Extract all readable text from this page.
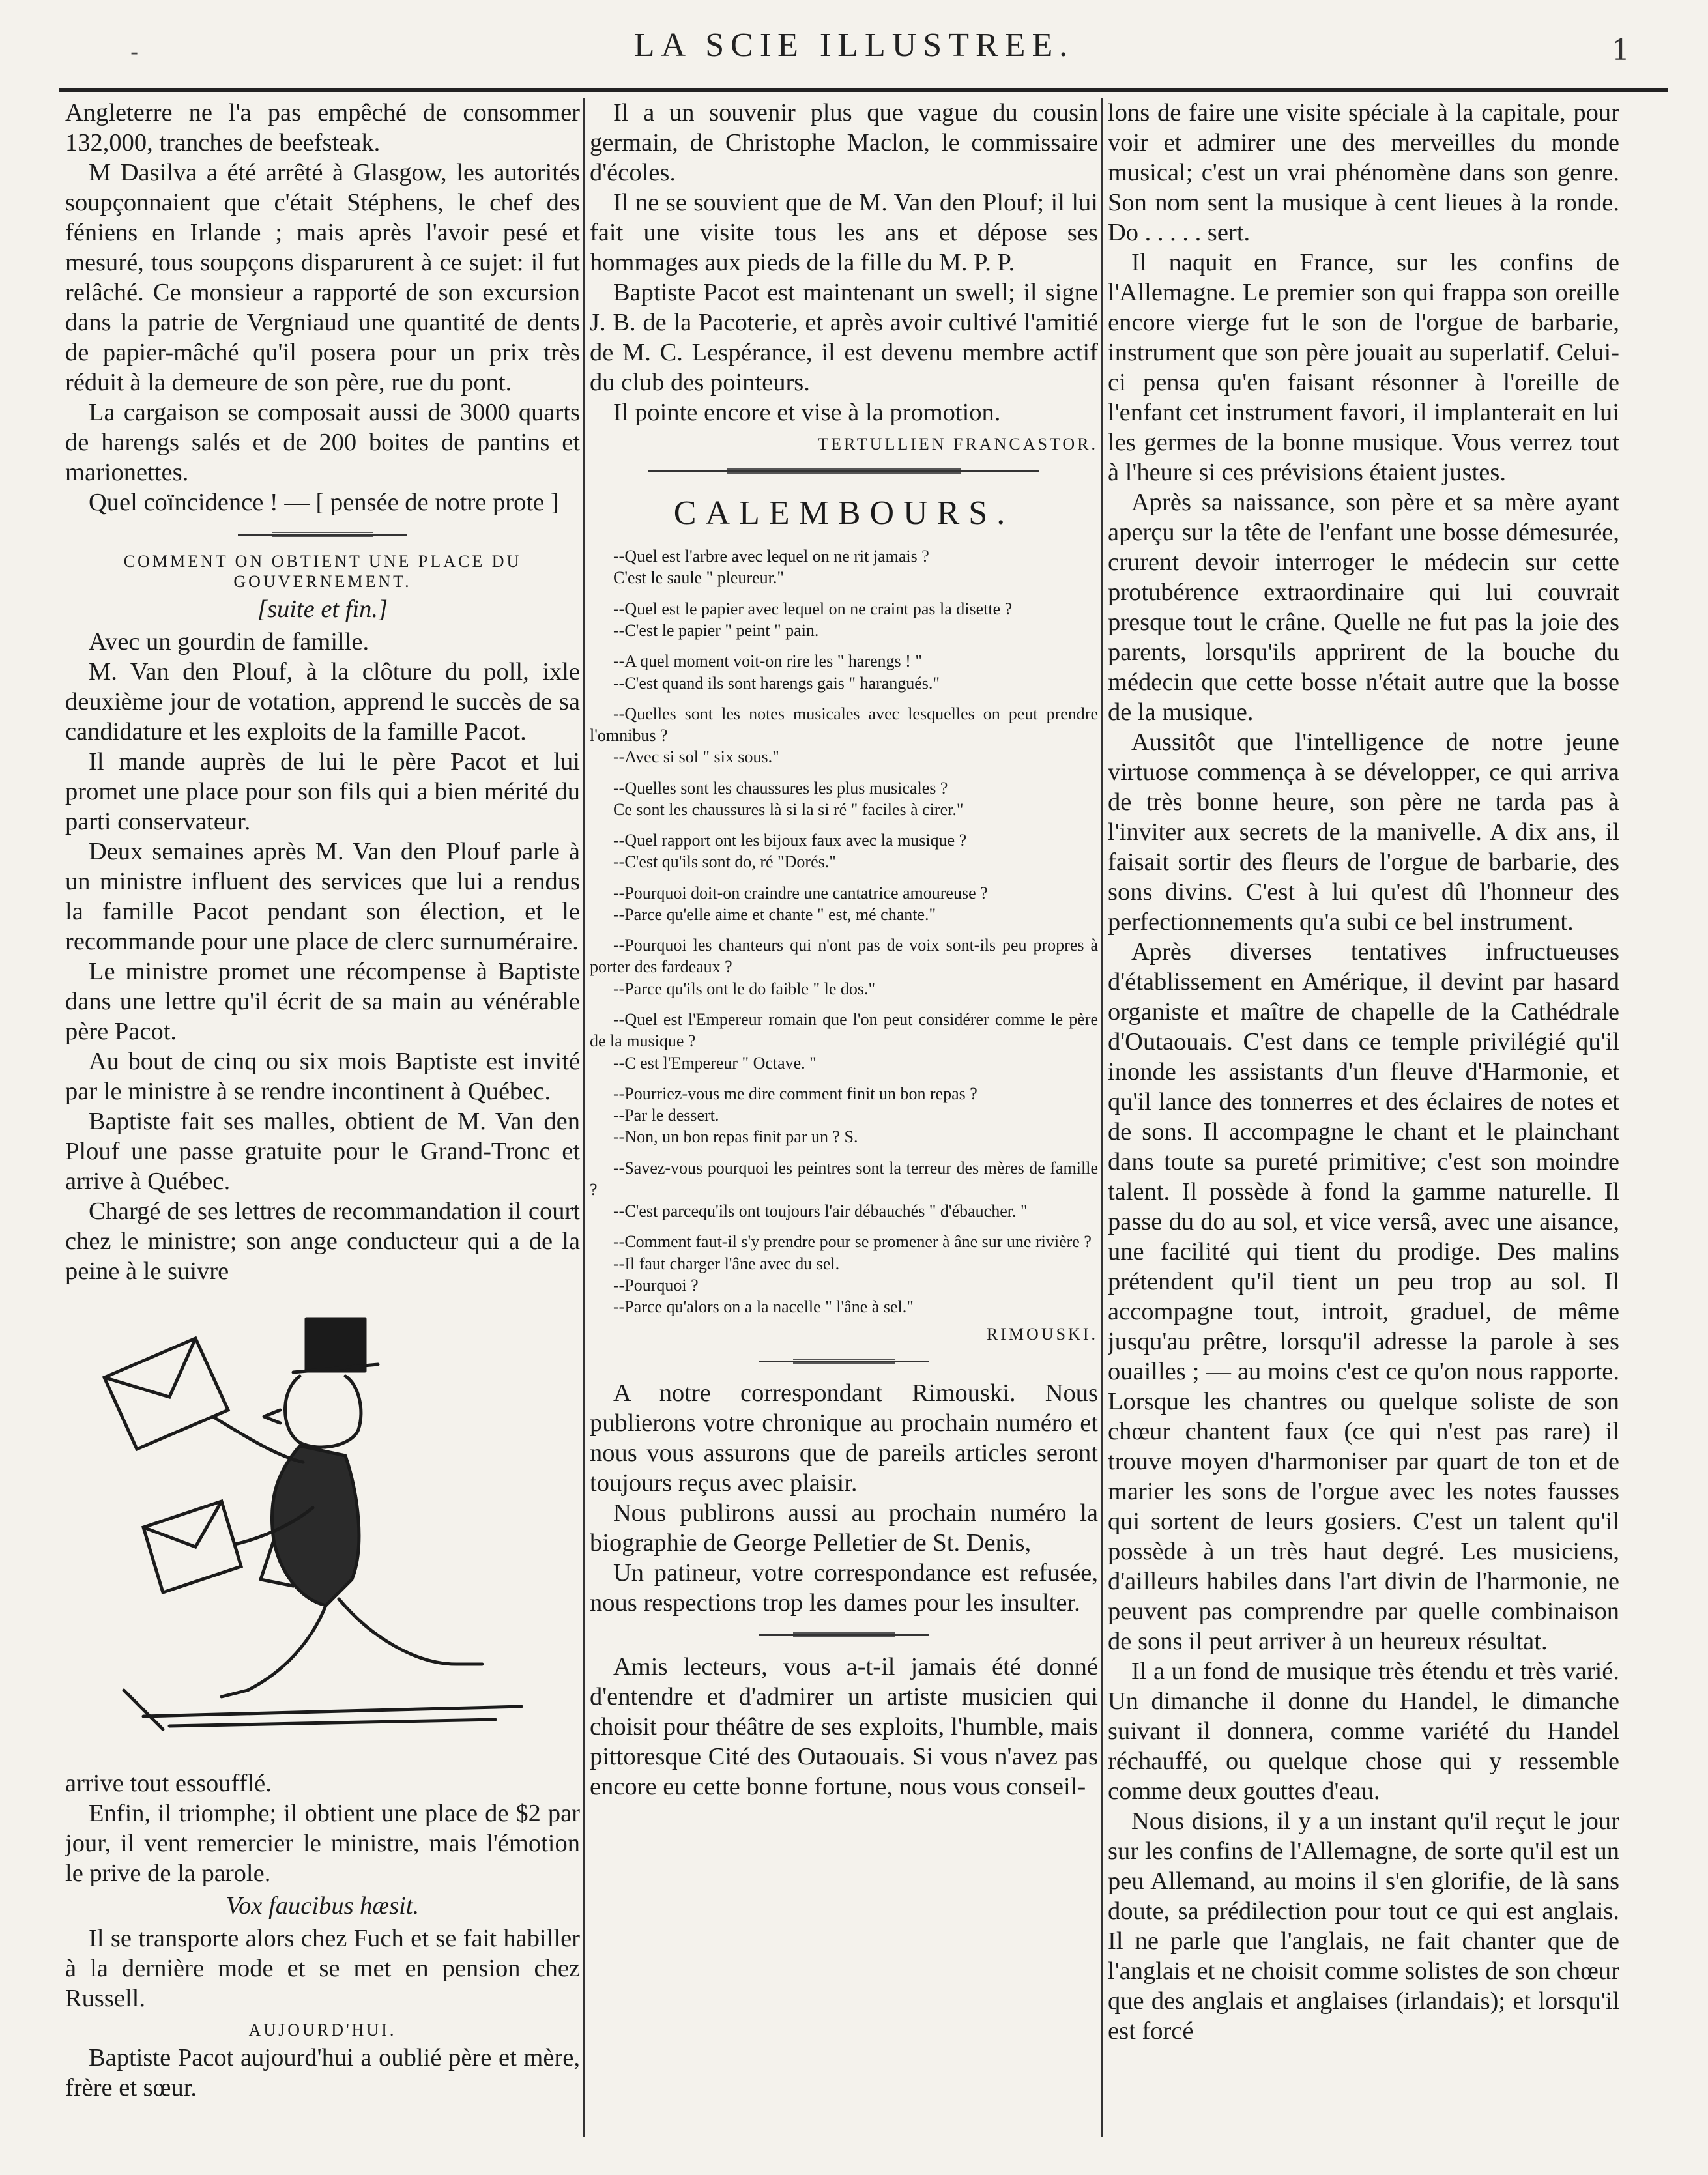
-	LA SCIE ILLUSTREE.	1

Angleterre ne l'a pas empêché de consommer 132,000, tranches de beefsteak.

M Dasilva a été arrêté à Glasgow, les autorités soupçonnaient que c'était Stéphens, le chef des féniens en Irlande ; mais après l'avoir pesé et mesuré, tous soupçons disparurent à ce sujet: il fut relâché. Ce monsieur a rapporté de son excursion dans la patrie de Vergniaud une quantité de dents de papier-mâché qu'il posera pour un prix très réduit à la demeure de son père, rue du pont.

La cargaison se composait aussi de 3000 quarts de harengs salés et de 200 boites de pantins et marionettes.

Quel coïncidence ! — [ pensée de notre prote ]

COMMENT ON OBTIENT UNE PLACE DU GOUVERNEMENT.

[suite et fin.]

Avec un gourdin de famille.

M. Van den Plouf, à la clôture du poll, ixle deuxième jour de votation, apprend le succès de sa candidature et les exploits de la famille Pacot.

Il mande auprès de lui le père Pacot et lui promet une place pour son fils qui a bien mérité du parti conservateur.

Deux semaines après M. Van den Plouf parle à un ministre influent des services que lui a rendus la famille Pacot pendant son élection, et le recommande pour une place de clerc surnuméraire.

Le ministre promet une récompense à Baptiste dans une lettre qu'il écrit de sa main au vénérable père Pacot.

Au bout de cinq ou six mois Baptiste est invité par le ministre à se rendre incontinent à Québec.

Baptiste fait ses malles, obtient de M. Van den Plouf une passe gratuite pour le Grand-Tronc et arrive à Québec.

Chargé de ses lettres de recommandation il court chez le ministre; son ange conducteur qui a de la peine à le suivre

arrive tout essoufflé.

Enfin, il triomphe; il obtient une place de $2 par jour, il vent remercier le ministre, mais l'émotion le prive de la parole.

Vox faucibus hæsit.

Il se transporte alors chez Fuch et se fait habiller à la dernière mode et se met en pension chez Russell.

AUJOURD'HUI.

Baptiste Pacot aujourd'hui a oublié père et mère, frère et sœur.

Il a un souvenir plus que vague du cousin germain, de Christophe Maclon, le commissaire d'écoles.

Il ne se souvient que de M. Van den Plouf; il lui fait une visite tous les ans et dépose ses hommages aux pieds de la fille du M. P. P.

Baptiste Pacot est maintenant un swell; il signe J. B. de la Pacoterie, et après avoir cultivé l'amitié de M. C. Lespérance, il est devenu membre actif du club des pointeurs.

Il pointe encore et vise à la promotion.

TERTULLIEN FRANCASTOR.

CALEMBOURS.

--Quel est l'arbre avec lequel on ne rit jamais ?

C'est le saule " pleureur."

--Quel est le papier avec lequel on ne craint pas la disette ?

--C'est le papier " peint " pain.

--A quel moment voit-on rire les " harengs ! "

--C'est quand ils sont harengs gais " harangués."

--Quelles sont les notes musicales avec lesquelles on peut prendre l'omnibus ?

--Avec si sol " six sous."

--Quelles sont les chaussures les plus musicales ?

Ce sont les chaussures là si la si ré " faciles à cirer."

--Quel rapport ont les bijoux faux avec la musique ?

--C'est qu'ils sont do, ré "Dorés."

--Pourquoi doit-on craindre une cantatrice amoureuse ?

--Parce qu'elle aime et chante " est, mé chante."

--Pourquoi les chanteurs qui n'ont pas de voix sont-ils peu propres à porter des fardeaux ?

--Parce qu'ils ont le do faible " le dos."

--Quel est l'Empereur romain que l'on peut considérer comme le père de la musique ?

--C est l'Empereur " Octave. "

--Pourriez-vous me dire comment finit un bon repas ?

--Par le dessert.

--Non, un bon repas finit par un ? S.

--Savez-vous pourquoi les peintres sont la terreur des mères de famille ?

--C'est parcequ'ils ont toujours l'air débauchés " d'ébaucher. "

--Comment faut-il s'y prendre pour se promener à âne sur une rivière ?

--Il faut charger l'âne avec du sel.

--Pourquoi ?

--Parce qu'alors on a la nacelle " l'âne à sel."

RIMOUSKI.

A notre correspondant Rimouski. Nous publierons votre chronique au prochain numéro et nous vous assurons que de pareils articles seront toujours reçus avec plaisir.

Nous publirons aussi au prochain numéro la biographie de George Pelletier de St. Denis,

Un patineur, votre correspondance est refusée, nous respections trop les dames pour les insulter.

Amis lecteurs, vous a-t-il jamais été donné d'entendre et d'admirer un artiste musicien qui choisit pour théâtre de ses exploits, l'humble, mais pittoresque Cité des Outaouais. Si vous n'avez pas encore eu cette bonne fortune, nous vous conseil-

lons de faire une visite spéciale à la capitale, pour voir et admirer une des merveilles du monde musical; c'est un vrai phénomène dans son genre. Son nom sent la musique à cent lieues à la ronde. Do . . . . . sert.

Il naquit en France, sur les confins de l'Allemagne. Le premier son qui frappa son oreille encore vierge fut le son de l'orgue de barbarie, instrument que son père jouait au superlatif. Celui-ci pensa qu'en faisant résonner à l'oreille de l'enfant cet instrument favori, il implanterait en lui les germes de la bonne musique. Vous verrez tout à l'heure si ces prévisions étaient justes.

Après sa naissance, son père et sa mère ayant aperçu sur la tête de l'enfant une bosse démesurée, crurent devoir interroger le médecin sur cette protubérence extraordinaire qui lui couvrait presque tout le crâne. Quelle ne fut pas la joie des parents, lorsqu'ils apprirent de la bouche du médecin que cette bosse n'était autre que la bosse de la musique.

Aussitôt que l'intelligence de notre jeune virtuose commença à se développer, ce qui arriva de très bonne heure, son père ne tarda pas à l'inviter aux secrets de la manivelle. A dix ans, il faisait sortir des fleurs de l'orgue de barbarie, des sons divins. C'est à lui qu'est dû l'honneur des perfectionnements qu'a subi ce bel instrument.

Après diverses tentatives infructueuses d'établissement en Amérique, il devint par hasard organiste et maître de chapelle de la Cathédrale d'Outaouais. C'est dans ce temple privilégié qu'il inonde les assistants d'un fleuve d'Harmonie, et qu'il lance des tonnerres et des éclaires de notes et de sons. Il accompagne le chant et le plainchant dans toute sa pureté primitive; c'est son moindre talent. Il possède à fond la gamme naturelle. Il passe du do au sol, et vice versâ, avec une aisance, une facilité qui tient du prodige. Des malins prétendent qu'il tient un peu trop au sol. Il accompagne tout, introit, graduel, de même jusqu'au prêtre, lorsqu'il adresse la parole à ses ouailles ; — au moins c'est ce qu'on nous rapporte. Lorsque les chantres ou quelque soliste de son chœur chantent faux (ce qui n'est pas rare) il trouve moyen d'harmoniser par quart de ton et de marier les sons de l'orgue avec les notes fausses qui sortent de leurs gosiers. C'est un talent qu'il possède à un très haut degré. Les musiciens, d'ailleurs habiles dans l'art divin de l'harmonie, ne peuvent pas comprendre par quelle combinaison de sons il peut arriver à un heureux résultat.

Il a un fond de musique très étendu et très varié. Un dimanche il donne du Handel, le dimanche suivant il donnera, comme variété du Handel réchauffé, ou quelque chose qui y ressemble comme deux gouttes d'eau.

Nous disions, il y a un instant qu'il reçut le jour sur les confins de l'Allemagne, de sorte qu'il est un peu Allemand, au moins il s'en glorifie, de là sans doute, sa prédilection pour tout ce qui est anglais. Il ne parle que l'anglais, ne fait chanter que de l'anglais et ne choisit comme solistes de son chœur que des anglais et anglaises (irlandais); et lorsqu'il est forcé
